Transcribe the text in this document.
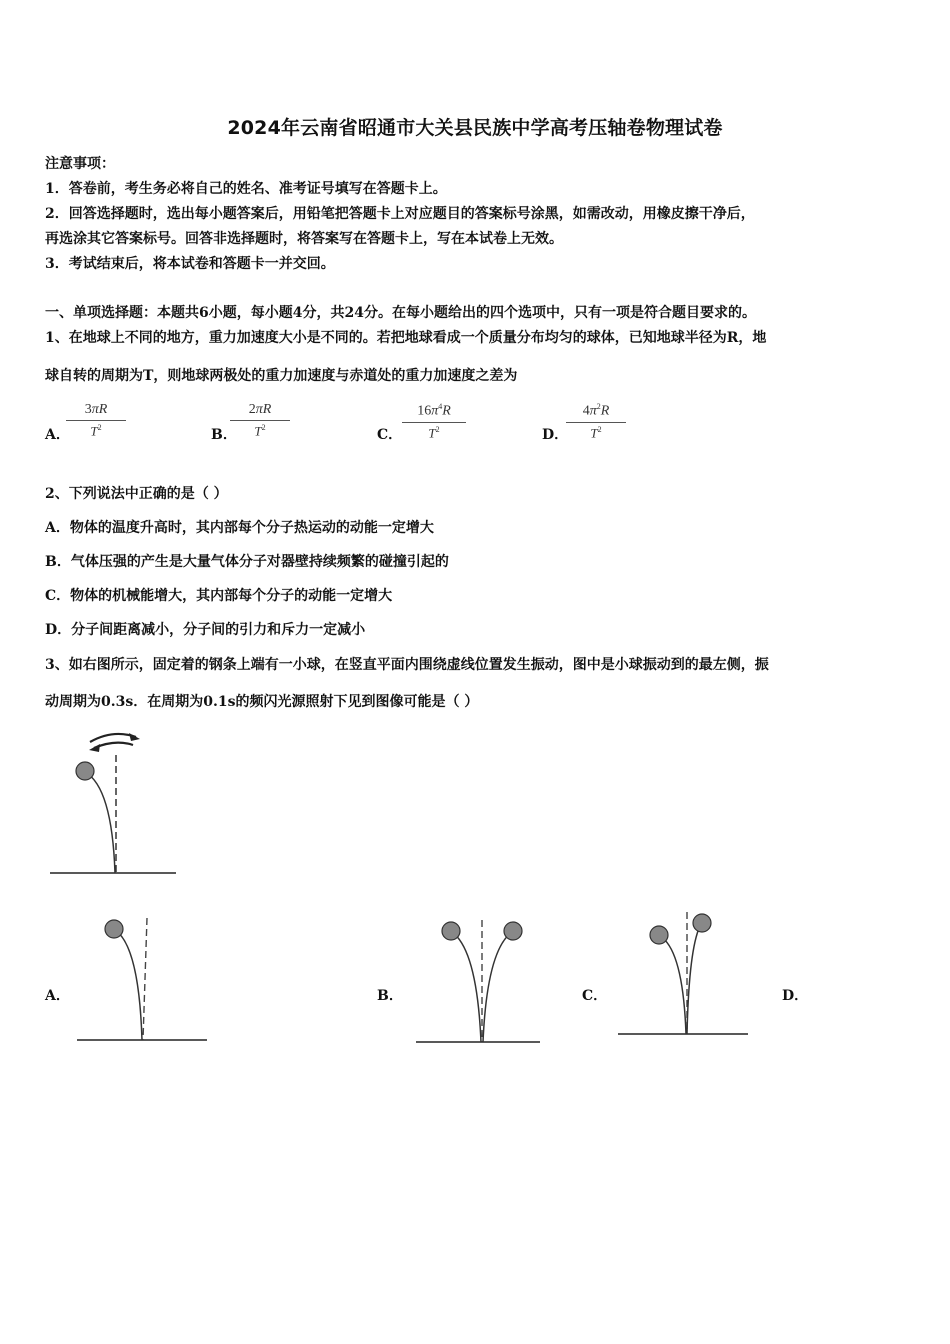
2024年云南省昭通市大关县民族中学高考压轴卷物理试卷
注意事项：
1．答卷前，考生务必将自己的姓名、准考证号填写在答题卡上。
2．回答选择题时，选出每小题答案后，用铅笔把答题卡上对应题目的答案标号涂黑，如需改动，用橡皮擦干净后，
再选涂其它答案标号。回答非选择题时，将答案写在答题卡上，写在本试卷上无效。
3．考试结束后，将本试卷和答题卡一并交回。
一、单项选择题：本题共6小题，每小题4分，共24分。在每小题给出的四个选项中，只有一项是符合题目要求的。
1、在地球上不同的地方，重力加速度大小是不同的。若把地球看成一个质量分布均匀的球体，已知地球半径为R，地
球自转的周期为T，则地球两极处的重力加速度与赤道处的重力加速度之差为
A．
$\frac{3\pi R}{T^2}$	B．
$\frac{2\pi R}{T^2}$	C． $\frac{16\pi^4R}{T^2}$	D．
$\frac{4\pi^2R}{T^2}$
2、下列说法中正确的是（ ）
A．物体的温度升高时，其内部每个分子热运动的动能一定增大
B．气体压强的产生是大量气体分子对器壁持续频繁的碰撞引起的
C．物体的机械能增大，其内部每个分子的动能一定增大
D．分子间距离减小，分子间的引力和斥力一定减小
3、如右图所示，固定着的钢条上端有一小球，在竖直平面内围绕虚线位置发生振动，图中是小球振动到的最左侧，振
动周期为0.3s．在周期为0.1s的频闪光源照射下见到图像可能是（ ）
A．	B．	C．	D．
